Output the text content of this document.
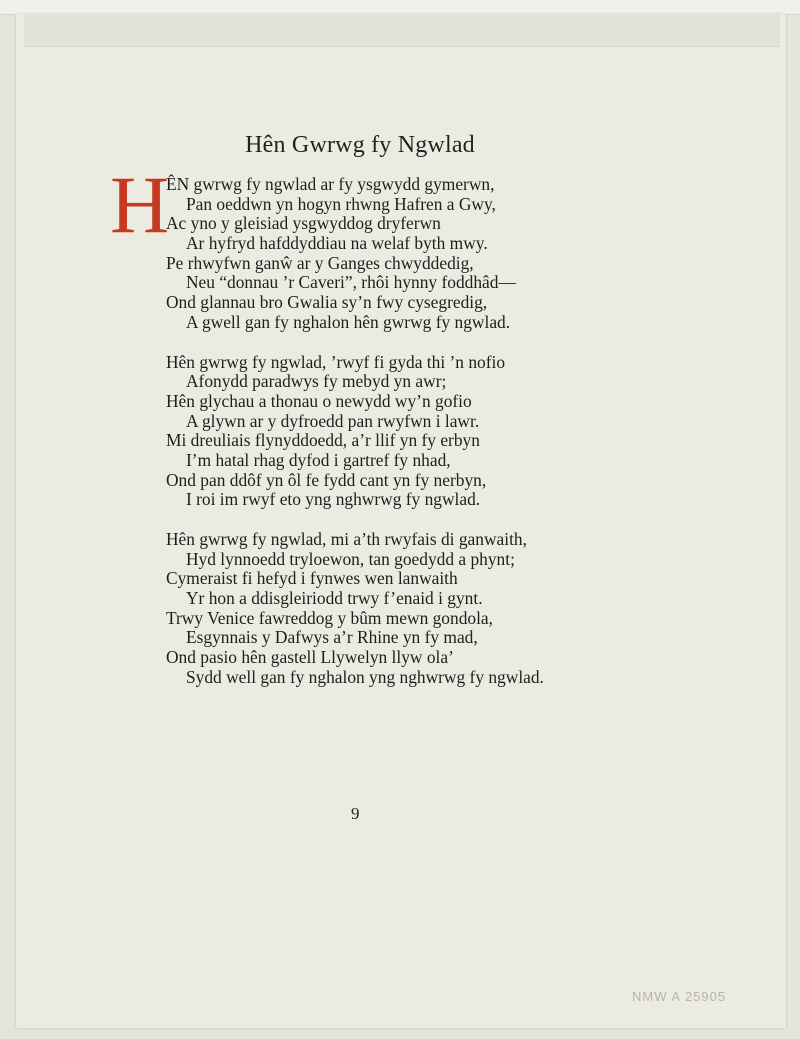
Hên Gwrwg fy Ngwlad
H
ÊN gwrwg fy ngwlad ar fy ysgwydd gymerwn,
Pan oeddwn yn hogyn rhwng Hafren a Gwy,
Ac yno y gleisiad ysgwyddog dryferwn
Ar hyfryd hafddyddiau na welaf byth mwy.
Pe rhwyfwn ganŵ ar y Ganges chwyddedig,
Neu “donnau ’r Caveri”, rhôi hynny foddhâd—
Ond glannau bro Gwalia sy’n fwy cysegredig,
A gwell gan fy nghalon hên gwrwg fy ngwlad.
Hên gwrwg fy ngwlad, ’rwyf fi gyda thi ’n nofio
Afonydd paradwys fy mebyd yn awr;
Hên glychau a thonau o newydd wy’n gofio
A glywn ar y dyfroedd pan rwyfwn i lawr.
Mi dreuliais flynyddoedd, a’r llif yn fy erbyn
I’m hatal rhag dyfod i gartref fy nhad,
Ond pan ddôf yn ôl fe fydd cant yn fy nerbyn,
I roi im rwyf eto yng nghwrwg fy ngwlad.
Hên gwrwg fy ngwlad, mi a’th rwyfais di ganwaith,
Hyd lynnoedd tryloewon, tan goedydd a phynt;
Cymeraist fi hefyd i fynwes wen lanwaith
Yr hon a ddisgleiriodd trwy f’enaid i gynt.
Trwy Venice fawreddog y bûm mewn gondola,
Esgynnais y Dafwys a’r Rhine yn fy mad,
Ond pasio hên gastell Llywelyn llyw ola’
Sydd well gan fy nghalon yng nghwrwg fy ngwlad.
9
NMW A 25905
